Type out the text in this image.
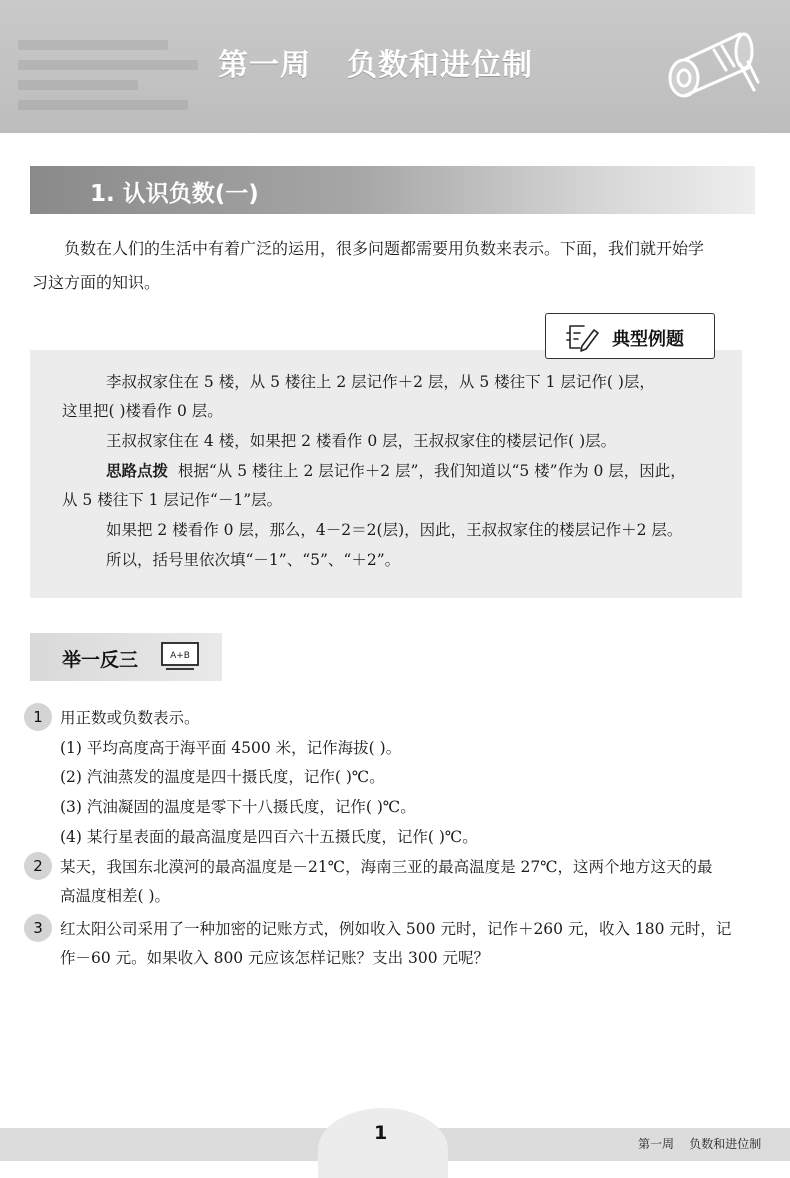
第一周 负数和进位制
1. 认识负数(一)
负数在人们的生活中有着广泛的运用，很多问题都需要用负数来表示。下面，我们就开始学
习这方面的知识。
典型例题
李叔叔家住在 5 楼，从 5 楼往上 2 层记作＋2 层，从 5 楼往下 1 层记作( )层，
这里把( )楼看作 0 层。
王叔叔家住在 4 楼，如果把 2 楼看作 0 层，王叔叔家住的楼层记作( )层。
思路点拨 根据“从 5 楼往上 2 层记作＋2 层”，我们知道以“5 楼”作为 0 层，因此，
从 5 楼往下 1 层记作“－1”层。
如果把 2 楼看作 0 层，那么，4－2＝2(层)，因此，王叔叔家住的楼层记作＋2 层。
所以，括号里依次填“－1”、“5”、“＋2”。
举一反三	A+B
1	用正数或负数表示。
(1) 平均高度高于海平面 4500 米，记作海拔( )。
(2) 汽油蒸发的温度是四十摄氏度，记作( )℃。
(3) 汽油凝固的温度是零下十八摄氏度，记作( )℃。
(4) 某行星表面的最高温度是四百六十五摄氏度，记作( )℃。
2	某天，我国东北漠河的最高温度是－21℃，海南三亚的最高温度是 27℃，这两个地方这天的最
高温度相差( )。
3	红太阳公司采用了一种加密的记账方式，例如收入 500 元时，记作＋260 元，收入 180 元时，记
作－60 元。如果收入 800 元应该怎样记账？支出 300 元呢？
1	第一周    负数和进位制
